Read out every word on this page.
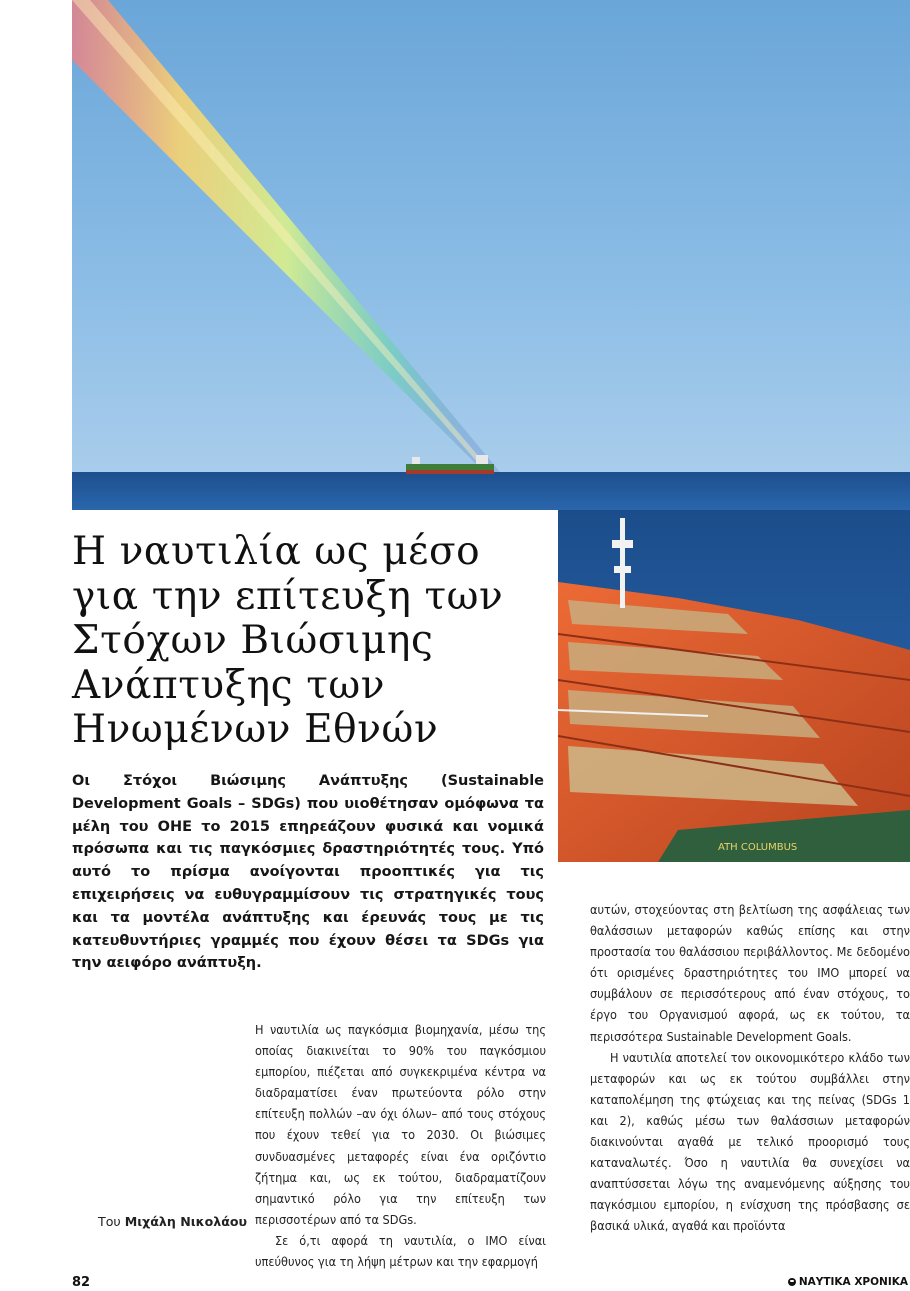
ATH COLUMBUS
Η ναυτιλία ως μέσο
για την επίτευξη των
Στόχων Βιώσιμης
Ανάπτυξης των
Ηνωμένων Εθνών

Οι Στόχοι Βιώσιμης Ανάπτυξης (Sustainable Development Goals – SDGs) που υιοθέτησαν ομόφωνα τα μέλη του ΟΗΕ το 2015 επηρεάζουν φυσικά και νομικά πρόσωπα και τις παγκόσμιες δραστηριότητές τους. Υπό αυτό το πρίσμα ανοίγονται προοπτικές για τις επιχειρήσεις να ευθυγραμμίσουν τις στρατηγικές τους και τα μοντέλα ανάπτυξης και έρευνάς τους με τις κατευθυντήριες γραμμές που έχουν θέσει τα SDGs για την αειφόρο ανάπτυξη.

Η ναυτιλία ως παγκόσμια βιομηχανία, μέσω της οποίας διακινείται το 90% του παγκόσμιου εμπορίου, πιέζεται από συγκεκριμένα κέντρα να διαδραματίσει έναν πρωτεύοντα ρόλο στην επίτευξη πολλών –αν όχι όλων– από τους στόχους που έχουν τεθεί για το 2030. Οι βιώσιμες συνδυασμένες μεταφορές είναι ένα οριζόντιο ζήτημα και, ως εκ τούτου, διαδραματίζουν σημαντικό ρόλο για την επίτευξη των περισσοτέρων από τα SDGs.

Σε ό,τι αφορά τη ναυτιλία, ο ΙΜΟ είναι υπεύθυνος για τη λήψη μέτρων και την εφαρμογή

αυτών, στοχεύοντας στη βελτίωση της ασφάλειας των θαλάσσιων μεταφορών καθώς επίσης και στην προστασία του θαλάσσιου περιβάλλοντος. Με δεδομένο ότι ορισμένες δραστηριότητες του ΙΜΟ μπορεί να συμβάλουν σε περισσότερους από έναν στόχους, το έργο του Οργανισμού αφορά, ως εκ τούτου, τα περισσότερα Sustainable Development Goals.

Η ναυτιλία αποτελεί τον οικονομικότερο κλάδο των μεταφορών και ως εκ τούτου συμβάλλει στην καταπολέμηση της φτώχειας και της πείνας (SDGs 1 και 2), καθώς μέσω των θαλάσσιων μεταφορών διακινούνται αγαθά με τελικό προορισμό τους καταναλωτές. Όσο η ναυτιλία θα συνεχίσει να αναπτύσσεται λόγω της αναμενόμενης αύξησης του παγκόσμιου εμπορίου, η ενίσχυση της πρόσβασης σε βασικά υλικά, αγαθά και προϊόντα

Του Μιχάλη Νικολάου
82	ΝΑΥΤΙΚΑ ΧΡΟΝΙΚΑ
